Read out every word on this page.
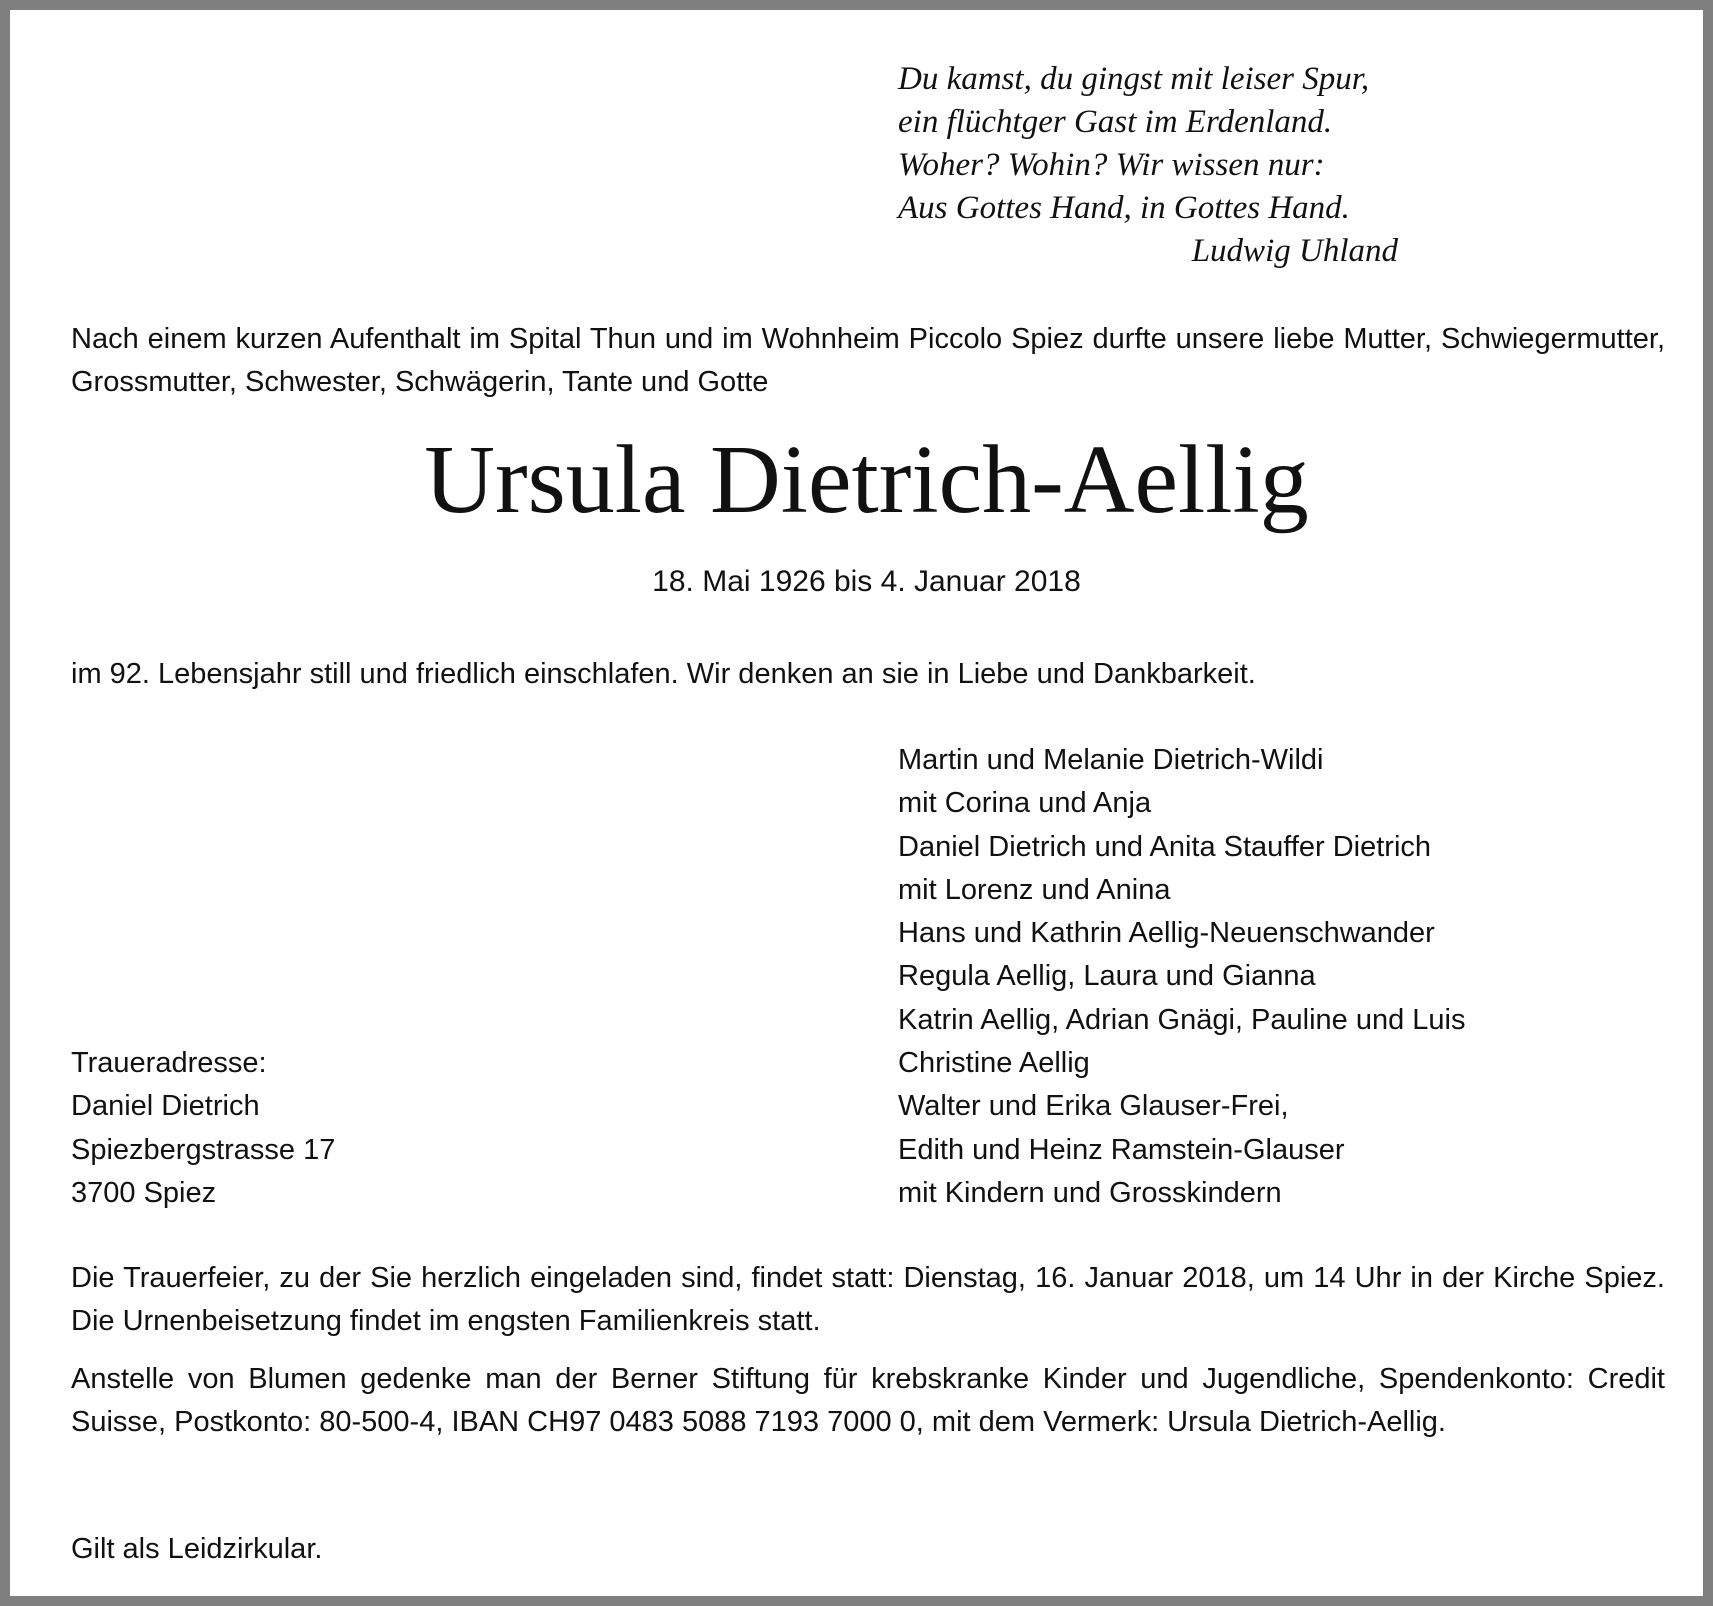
Du kamst, du gingst mit leiser Spur,
ein flüchtger Gast im Erdenland.
Woher? Wohin? Wir wissen nur:
Aus Gottes Hand, in Gottes Hand.
Ludwig Uhland
Nach einem kurzen Aufenthalt im Spital Thun und im Wohnheim Piccolo Spiez durfte unsere liebe Mutter, Schwiegermutter, Grossmutter, Schwester, Schwägerin, Tante und Gotte
Ursula Dietrich-Aellig
18. Mai 1926 bis 4. Januar 2018
im 92. Lebensjahr still und friedlich einschlafen. Wir denken an sie in Liebe und Dankbarkeit.
Martin und Melanie Dietrich-Wildi
mit Corina und Anja
Daniel Dietrich und Anita Stauffer Dietrich
mit Lorenz und Anina
Hans und Kathrin Aellig-Neuenschwander
Regula Aellig, Laura und Gianna
Katrin Aellig, Adrian Gnägi, Pauline und Luis
Christine Aellig
Walter und Erika Glauser-Frei,
Edith und Heinz Ramstein-Glauser
mit Kindern und Grosskindern
Traueradresse:
Daniel Dietrich
Spiezbergstrasse 17
3700 Spiez
Die Trauerfeier, zu der Sie herzlich eingeladen sind, findet statt: Dienstag, 16. Januar 2018, um 14 Uhr in der Kirche Spiez. Die Urnenbeisetzung findet im engsten Familienkreis statt.
Anstelle von Blumen gedenke man der Berner Stiftung für krebskranke Kinder und Jugendliche, Spendenkonto: Credit Suisse, Postkonto: 80-500-4, IBAN CH97 0483 5088 7193 7000 0, mit dem Vermerk: Ursula Dietrich-Aellig.
Gilt als Leidzirkular.
